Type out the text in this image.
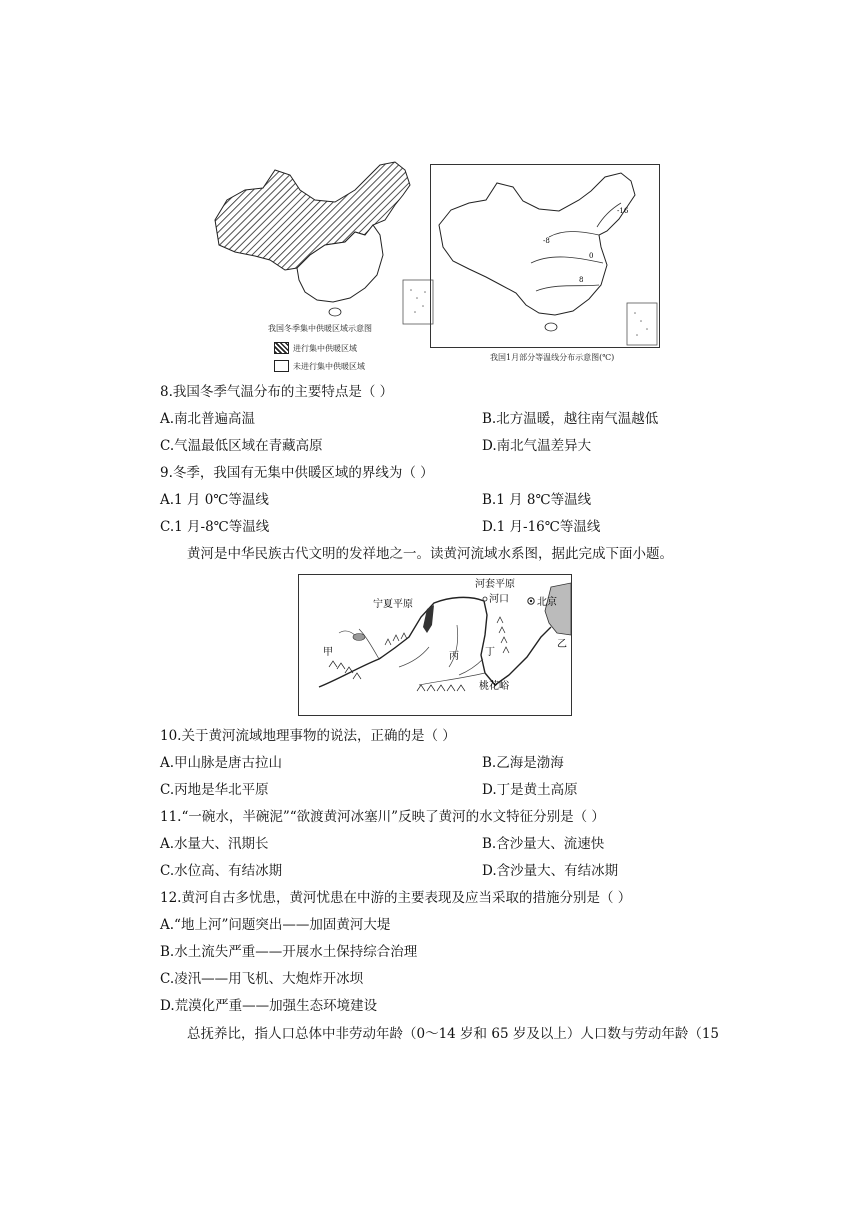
我国冬季集中供暖区域示意图
进行集中供暖区域
未进行集中供暖区域
-16
-8
0
8
我国1月部分等温线分布示意图(℃)
8.我国冬季气温分布的主要特点是（ ）
A.南北普遍高温	B.北方温暖，越往南气温越低
C.气温最低区域在青藏高原	D.南北气温差异大
9.冬季，我国有无集中供暖区域的界线为（ ）
A.1 月 0℃等温线	B.1 月 8℃等温线
C.1 月-8℃等温线	D.1 月-16℃等温线
黄河是中华民族古代文明的发祥地之一。读黄河流域水系图，据此完成下面小题。
河套平原
宁夏平原	河口	北京
甲
乙
丙	丁
桃花峪
10.关于黄河流域地理事物的说法，正确的是（ ）
A.甲山脉是唐古拉山	B.乙海是渤海
C.丙地是华北平原	D.丁是黄土高原
11.“一碗水，半碗泥”“欲渡黄河冰塞川”反映了黄河的水文特征分别是（ ）
A.水量大、汛期长	B.含沙量大、流速快
C.水位高、有结冰期	D.含沙量大、有结冰期
12.黄河自古多忧患，黄河忧患在中游的主要表现及应当采取的措施分别是（ ）
A.“地上河”问题突出——加固黄河大堤
B.水土流失严重——开展水土保持综合治理
C.凌汛——用飞机、大炮炸开冰坝
D.荒漠化严重——加强生态环境建设
总抚养比，指人口总体中非劳动年龄（0～14 岁和 65 岁及以上）人口数与劳动年龄（15
